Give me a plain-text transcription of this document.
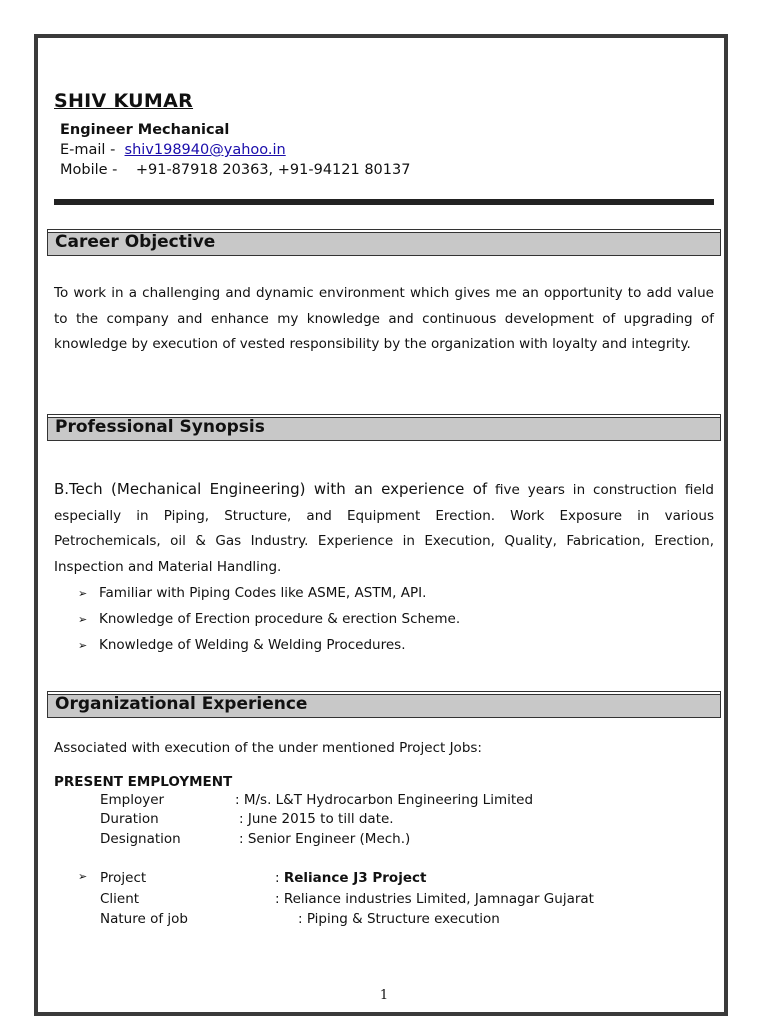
SHIV KUMAR
Engineer Mechanical
E-mail - shiv198940@yahoo.in
Mobile - +91-87918 20363, +91-94121 80137
Career Objective
To work in a challenging and dynamic environment which gives me an opportunity to add value to the company and enhance my knowledge and continuous development of upgrading of knowledge by execution of vested responsibility by the organization with loyalty and integrity.
Professional Synopsis
B.Tech (Mechanical Engineering) with an experience of five years in construction field especially in Piping, Structure, and Equipment Erection. Work Exposure in various Petrochemicals, oil & Gas Industry. Experience in Execution, Quality, Fabrication, Erection, Inspection and Material Handling.
➢ Familiar with Piping Codes like ASME, ASTM, API.
➢ Knowledge of Erection procedure & erection Scheme.
➢ Knowledge of Welding & Welding Procedures.
Organizational Experience
Associated with execution of the under mentioned Project Jobs:
PRESENT EMPLOYMENT
Employer	: M/s. L&T Hydrocarbon Engineering Limited
Duration	: June 2015 to till date.
Designation	: Senior Engineer (Mech.)
➢ Project	: Reliance J3 Project
Client	: Reliance industries Limited, Jamnagar Gujarat
Nature of job	: Piping & Structure execution
1
